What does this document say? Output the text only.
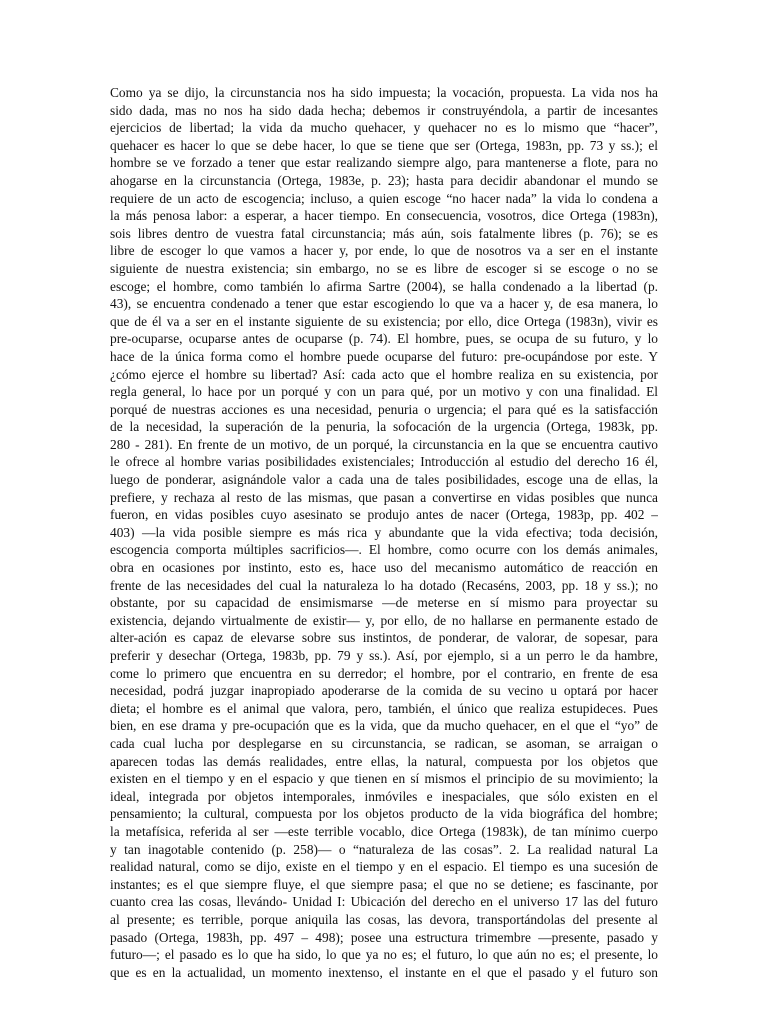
Como ya se dijo, la circunstancia nos ha sido impuesta; la vocación, propuesta. La vida nos ha
sido dada, mas no nos ha sido dada hecha; debemos ir construyéndola, a partir de incesantes
ejercicios de libertad; la vida da mucho quehacer, y quehacer no es lo mismo que “hacer”,
quehacer es hacer lo que se debe hacer, lo que se tiene que ser (Ortega, 1983n, pp. 73 y ss.); el
hombre se ve forzado a tener que estar realizando siempre algo, para mantenerse a flote, para no
ahogarse en la circunstancia (Ortega, 1983e, p. 23); hasta para decidir abandonar el mundo se
requiere de un acto de escogencia; incluso, a quien escoge “no hacer nada” la vida lo condena a
la más penosa labor: a esperar, a hacer tiempo. En consecuencia, vosotros, dice Ortega (1983n),
sois libres dentro de vuestra fatal circunstancia; más aún, sois fatalmente libres (p. 76); se es
libre de escoger lo que vamos a hacer y, por ende, lo que de nosotros va a ser en el instante
siguiente de nuestra existencia; sin embargo, no se es libre de escoger si se escoge o no se
escoge; el hombre, como también lo afirma Sartre (2004), se halla condenado a la libertad (p.
43), se encuentra condenado a tener que estar escogiendo lo que va a hacer y, de esa manera, lo
que de él va a ser en el instante siguiente de su existencia; por ello, dice Ortega (1983n), vivir es
pre-ocuparse, ocuparse antes de ocuparse (p. 74). El hombre, pues, se ocupa de su futuro, y lo
hace de la única forma como el hombre puede ocuparse del futuro: pre-ocupándose por este. Y
¿cómo ejerce el hombre su libertad? Así: cada acto que el hombre realiza en su existencia, por
regla general, lo hace por un porqué y con un para qué, por un motivo y con una finalidad. El
porqué de nuestras acciones es una necesidad, penuria o urgencia; el para qué es la satisfacción
de la necesidad, la superación de la penuria, la sofocación de la urgencia (Ortega, 1983k, pp.
280 - 281). En frente de un motivo, de un porqué, la circunstancia en la que se encuentra cautivo
le ofrece al hombre varias posibilidades existenciales; Introducción al estudio del derecho 16 él,
luego de ponderar, asignándole valor a cada una de tales posibilidades, escoge una de ellas, la
prefiere, y rechaza al resto de las mismas, que pasan a convertirse en vidas posibles que nunca
fueron, en vidas posibles cuyo asesinato se produjo antes de nacer (Ortega, 1983p, pp. 402 –
403) —la vida posible siempre es más rica y abundante que la vida efectiva; toda decisión,
escogencia comporta múltiples sacrificios—. El hombre, como ocurre con los demás animales,
obra en ocasiones por instinto, esto es, hace uso del mecanismo automático de reacción en
frente de las necesidades del cual la naturaleza lo ha dotado (Recaséns, 2003, pp. 18 y ss.); no
obstante, por su capacidad de ensimismarse —de meterse en sí mismo para proyectar su
existencia, dejando virtualmente de existir— y, por ello, de no hallarse en permanente estado de
alter-ación es capaz de elevarse sobre sus instintos, de ponderar, de valorar, de sopesar, para
preferir y desechar (Ortega, 1983b, pp. 79 y ss.). Así, por ejemplo, si a un perro le da hambre,
come lo primero que encuentra en su derredor; el hombre, por el contrario, en frente de esa
necesidad, podrá juzgar inapropiado apoderarse de la comida de su vecino u optará por hacer
dieta; el hombre es el animal que valora, pero, también, el único que realiza estupideces. Pues
bien, en ese drama y pre-ocupación que es la vida, que da mucho quehacer, en el que el “yo” de
cada cual lucha por desplegarse en su circunstancia, se radican, se asoman, se arraigan o
aparecen todas las demás realidades, entre ellas, la natural, compuesta por los objetos que
existen en el tiempo y en el espacio y que tienen en sí mismos el principio de su movimiento; la
ideal, integrada por objetos intemporales, inmóviles e inespaciales, que sólo existen en el
pensamiento; la cultural, compuesta por los objetos producto de la vida biográfica del hombre;
la metafísica, referida al ser —este terrible vocablo, dice Ortega (1983k), de tan mínimo cuerpo
y tan inagotable contenido (p. 258)— o “naturaleza de las cosas”. 2. La realidad natural La
realidad natural, como se dijo, existe en el tiempo y en el espacio. El tiempo es una sucesión de
instantes; es el que siempre fluye, el que siempre pasa; el que no se detiene; es fascinante, por
cuanto crea las cosas, llevándo- Unidad I: Ubicación del derecho en el universo 17 las del futuro
al presente; es terrible, porque aniquila las cosas, las devora, transportándolas del presente al
pasado (Ortega, 1983h, pp. 497 – 498); posee una estructura trimembre —presente, pasado y
futuro—; el pasado es lo que ha sido, lo que ya no es; el futuro, lo que aún no es; el presente, lo
que es en la actualidad, un momento inextenso, el instante en el que el pasado y el futuro son
